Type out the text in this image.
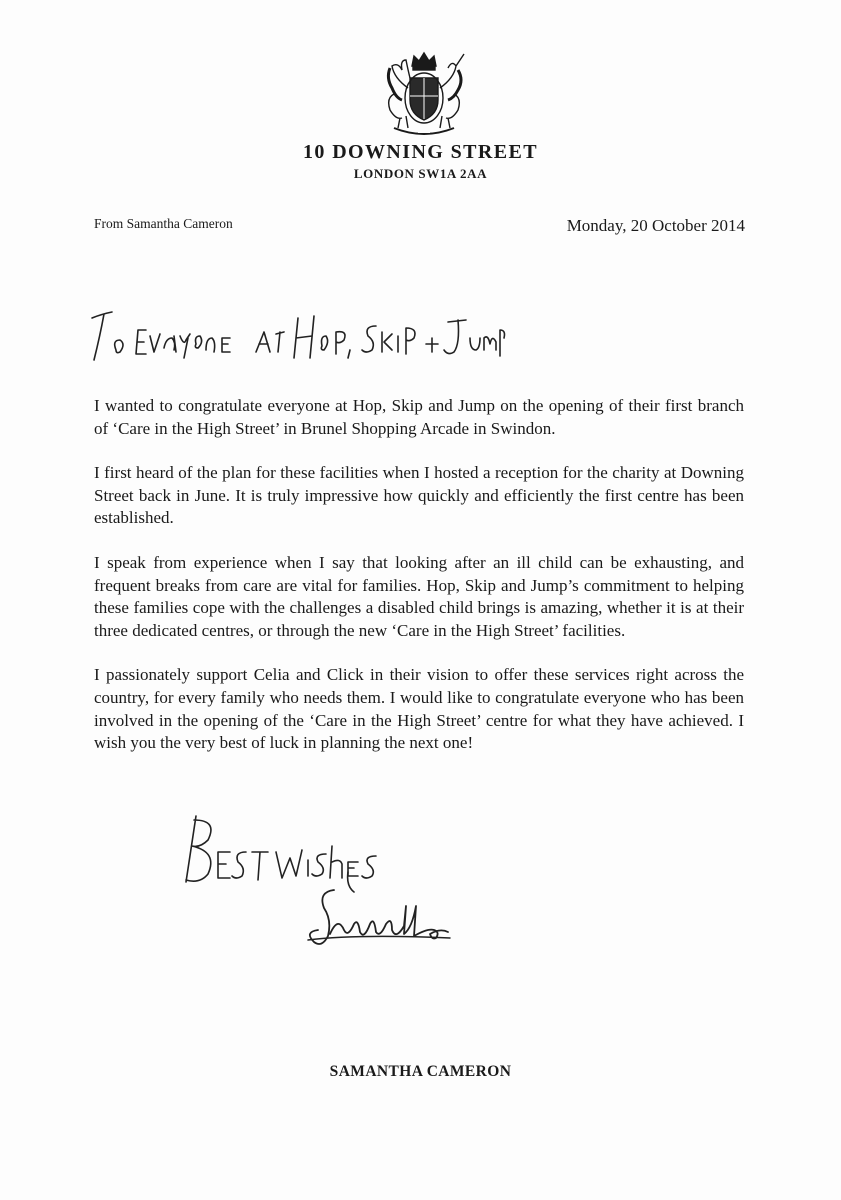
10 DOWNING STREET
LONDON SW1A 2AA
From Samantha Cameron	Monday, 20 October 2014

I wanted to congratulate everyone at Hop, Skip and Jump on the opening of their first branch of ‘Care in the High Street’ in Brunel Shopping Arcade in Swindon.

I first heard of the plan for these facilities when I hosted a reception for the charity at Downing Street back in June. It is truly impressive how quickly and efficiently the first centre has been established.

I speak from experience when I say that looking after an ill child can be exhausting, and frequent breaks from care are vital for families. Hop, Skip and Jump’s commitment to helping these families cope with the challenges a disabled child brings is amazing, whether it is at their three dedicated centres, or through the new ‘Care in the High Street’ facilities.

I passionately support Celia and Click in their vision to offer these services right across the country, for every family who needs them. I would like to congratulate everyone who has been involved in the opening of the ‘Care in the High Street’ centre for what they have achieved. I wish you the very best of luck in planning the next one!

SAMANTHA CAMERON
